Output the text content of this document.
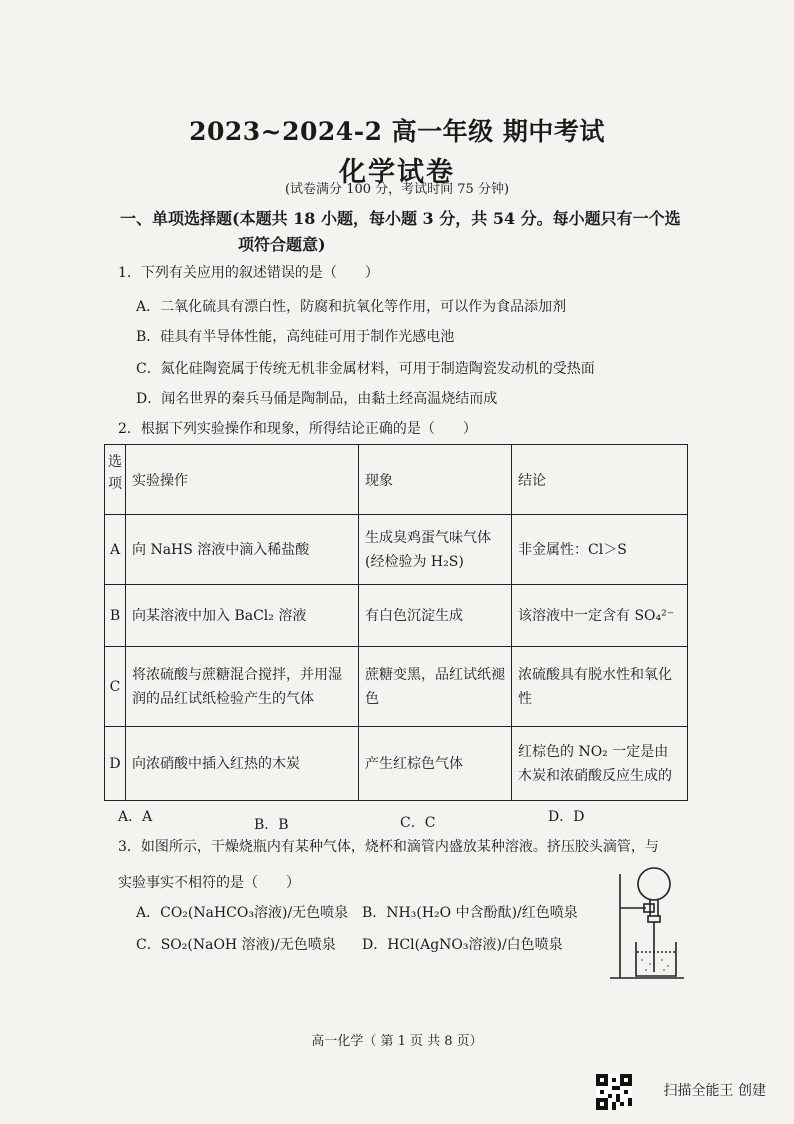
2023~2024-2 高一年级 期中考试
化学试卷
(试卷满分 100 分，考试时间 75 分钟)
一、单项选择题(本题共 18 小题，每小题 3 分，共 54 分。每小题只有一个选
项符合题意)
1．下列有关应用的叙述错误的是（　　）
A．二氧化硫具有漂白性，防腐和抗氧化等作用，可以作为食品添加剂
B．硅具有半导体性能，高纯硅可用于制作光感电池
C．氮化硅陶瓷属于传统无机非金属材料，可用于制造陶瓷发动机的受热面
D．闻名世界的秦兵马俑是陶制品，由黏土经高温烧结而成
2．根据下列实验操作和现象，所得结论正确的是（　　）
选项	实验操作	现象	结论
A	向 NaHS 溶液中滴入稀盐酸	生成臭鸡蛋气味气体(经检验为 H₂S)	非金属性：Cl＞S
B	向某溶液中加入 BaCl₂ 溶液	有白色沉淀生成	该溶液中一定含有 SO₄²⁻
C	将浓硫酸与蔗糖混合搅拌，并用湿润的品红试纸检验产生的气体	蔗糖变黑，品红试纸褪色	浓硫酸具有脱水性和氧化性
D	向浓硝酸中插入红热的木炭	产生红棕色气体	红棕色的 NO₂ 一定是由木炭和浓硝酸反应生成的
A．A	B．B	C．C	D．D
3．如图所示，干燥烧瓶内有某种气体，烧杯和滴管内盛放某种溶液。挤压胶头滴管，与
实验事实不相符的是（　　）
A．CO₂(NaHCO₃溶液)/无色喷泉 B．NH₃(H₂O 中含酚酞)/红色喷泉
C．SO₂(NaOH 溶液)/无色喷泉 D．HCl(AgNO₃溶液)/白色喷泉
高一化学（ 第 1 页 共 8 页）
扫描全能王 创建
